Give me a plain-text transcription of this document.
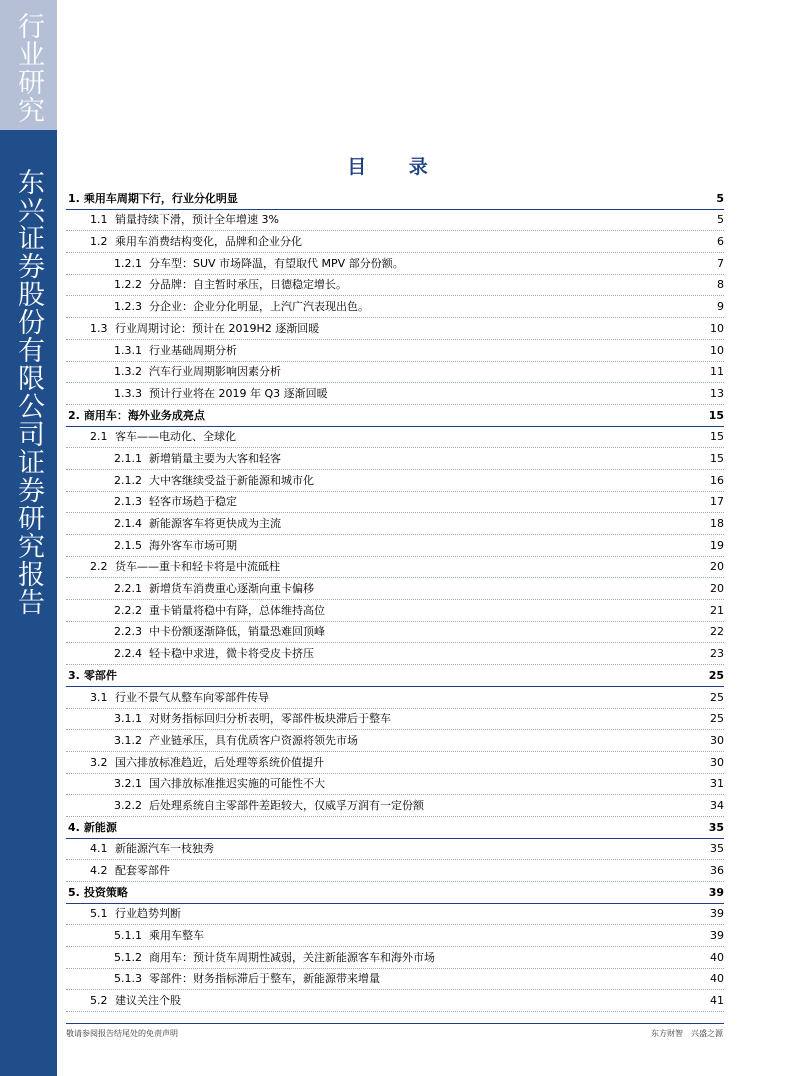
行业研究
东兴证券股份有限公司证券研究报告
目 录
1. 乘用车周期下行，行业分化明显	5
1.1 销量持续下滑，预计全年增速 3%	5
1.2 乘用车消费结构变化，品牌和企业分化	6
1.2.1 分车型：SUV 市场降温，有望取代 MPV 部分份额。	7
1.2.2 分品牌：自主暂时承压，日德稳定增长。	8
1.2.3 分企业：企业分化明显，上汽广汽表现出色。	9
1.3 行业周期讨论：预计在 2019H2 逐渐回暖	10
1.3.1 行业基础周期分析	10
1.3.2 汽车行业周期影响因素分析	11
1.3.3 预计行业将在 2019 年 Q3 逐渐回暖	13
2. 商用车：海外业务成亮点	15
2.1 客车——电动化、全球化	15
2.1.1 新增销量主要为大客和轻客	15
2.1.2 大中客继续受益于新能源和城市化	16
2.1.3 轻客市场趋于稳定	17
2.1.4 新能源客车将更快成为主流	18
2.1.5 海外客车市场可期	19
2.2 货车——重卡和轻卡将是中流砥柱	20
2.2.1 新增货车消费重心逐渐向重卡偏移	20
2.2.2 重卡销量将稳中有降，总体维持高位	21
2.2.3 中卡份额逐渐降低，销量恐难回顶峰	22
2.2.4 轻卡稳中求进，微卡将受皮卡挤压	23
3. 零部件	25
3.1 行业不景气从整车向零部件传导	25
3.1.1 对财务指标回归分析表明，零部件板块滞后于整车	25
3.1.2 产业链承压，具有优质客户资源将领先市场	30
3.2 国六排放标准趋近，后处理等系统价值提升	30
3.2.1 国六排放标准推迟实施的可能性不大	31
3.2.2 后处理系统自主零部件差距较大，仅威孚万润有一定份额	34
4. 新能源	35
4.1 新能源汽车一枝独秀	35
4.2 配套零部件	36
5. 投资策略	39
5.1 行业趋势判断	39
5.1.1 乘用车整车	39
5.1.2 商用车：预计货车周期性减弱，关注新能源客车和海外市场	40
5.1.3 零部件：财务指标滞后于整车，新能源带来增量	40
5.2 建议关注个股	41
敬请参阅报告结尾处的免责声明	东方财智　兴盛之源
